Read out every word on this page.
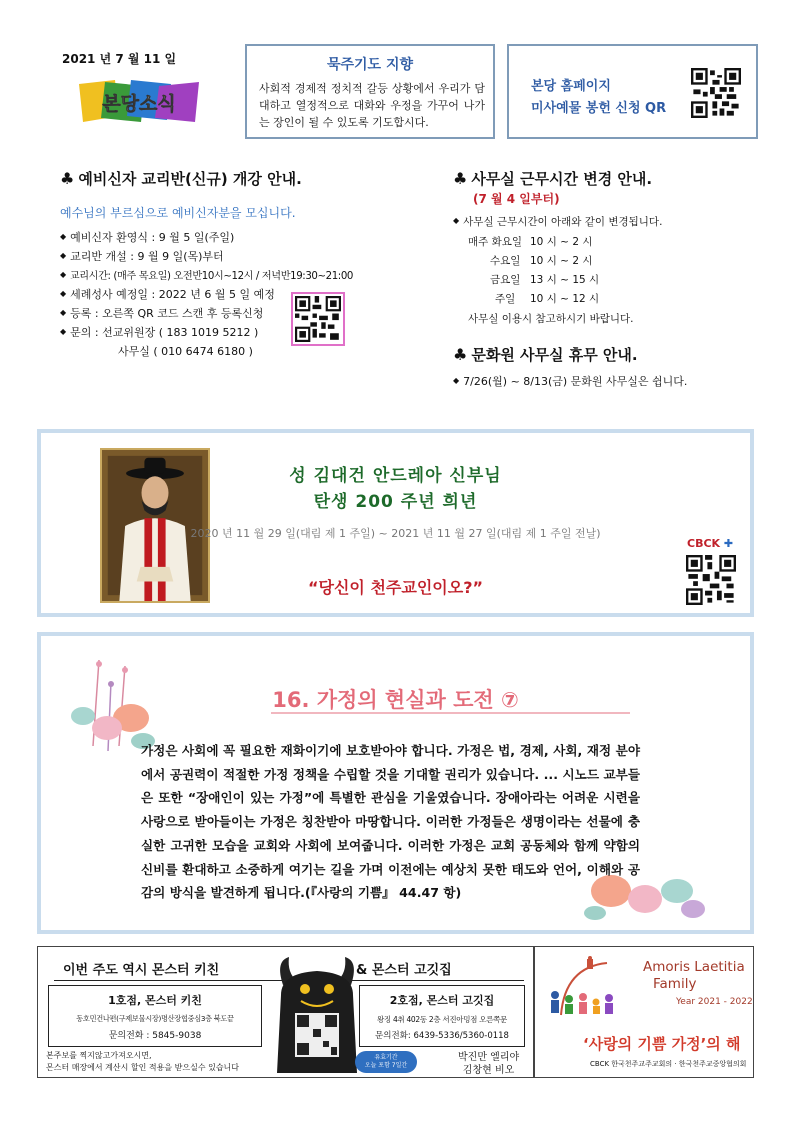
2021 년 7 월 11 일
본당소식
묵주기도 지향
사회적 경제적 정치적 갈등 상황에서 우리가 담대하고 열정적으로 대화와 우정을 가꾸어 나가는 장인이 될 수 있도록 기도합시다.
본당 홈페이지
미사예물 봉헌 신청 QR
♣ 예비신자 교리반(신규) 개강 안내.
예수님의 부르심으로 예비신자분을 모십니다.
◆ 예비신자 환영식 : 9 월 5 일(주일)
◆ 교리반 개설 : 9 월 9 일(목)부터
◆ 교리시간: (매주 목요일) 오전반10시~12시 / 저녁반19:30~21:00
◆ 세례성사 예정일 : 2022 년 6 월 5 일 예정
◆ 등록 : 오른쪽 QR 코드 스캔 후 등록신청
◆ 문의 : 선교위원장 ( 183 1019 5212 )
사무실 ( 010 6474 6180 )
♣ 사무실 근무시간 변경 안내.
(7 월 4 일부터)
◆ 사무실 근무시간이 아래와 같이 변경됩니다.
매주 화요일 10 시 ~ 2 시
수요일 10 시 ~ 2 시
금요일 13 시 ~ 15 시
주일 10 시 ~ 12 시
사무실 이용시 참고하시기 바랍니다.
♣ 문화원 사무실 휴무 안내.
◆ 7/26(월) ~ 8/13(금) 문화원 사무실은 쉽니다.
성 김대건 안드레아 신부님
탄생 200 주년 희년
2020 년 11 월 29 일(대림 제 1 주일) ~ 2021 년 11 월 27 일(대림 제 1 주일 전날)
“당신이 천주교인이오?”
CBCK ✚
16. 가정의 현실과 도전 ⑦
가정은 사회에 꼭 필요한 재화이기에 보호받아야 합니다. 가정은 법, 경제, 사회, 재정 분야에서 공권력이 적절한 가정 정책을 수립할 것을 기대할 권리가 있습니다. ... 시노드 교부들은 또한 “장애인이 있는 가정”에 특별한 관심을 기울였습니다. 장애아라는 어려운 시련을 사랑으로 받아들이는 가정은 칭찬받아 마땅합니다. 이러한 가정들은 생명이라는 선물에 충실한 고귀한 모습을 교회와 사회에 보여줍니다. 이러한 가정은 교회 공동체와 함께 약함의 신비를 환대하고 소중하게 여기는 길을 가며 이전에는 예상치 못한 태도와 언어, 이해와 공감의 방식을 발견하게 됩니다.(『사랑의 기쁨』 44.47 항)
이번 주도 역시 몬스터 키친	& 몬스터 고깃집
1호점, 몬스터 키친
동호민건나편(구제보물시장)명산장협중심3층 북도끝
문의전화 : 5845-9038
2호점, 몬스터 고깃집
왕징 4취 402동 2층 서진아밍점 오른쪽문
문의전화: 6439-5336/5360-0118
본주보를 찍지않고가져오시면,
몬스터 매장에서 계산시 할인 적용을 받으실수 있습니다
유효기간
오늘 포함 7일간
박진만 엘리야
김창현 비오
Amoris Laetitia
Family
Year 2021 - 2022
‘사랑의 기쁨 가정’의 해
CBCK 한국천주교주교회의 · 한국천주교중앙협의회
